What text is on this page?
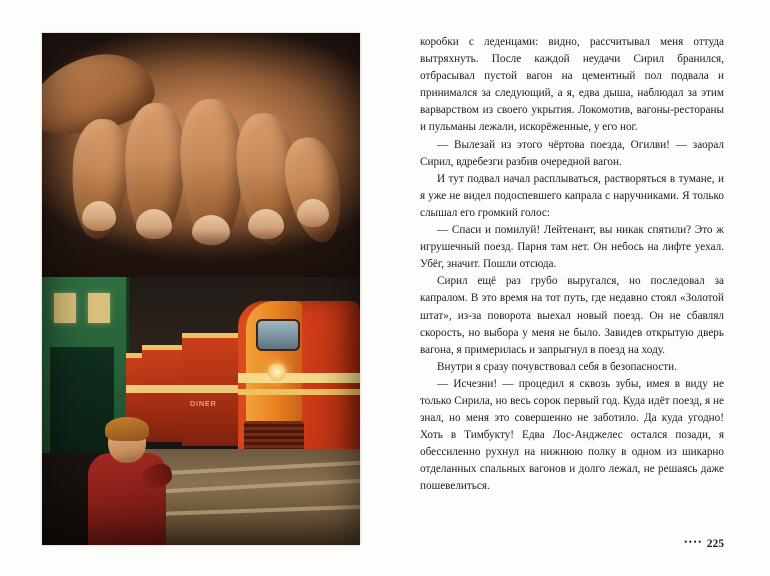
DINER

коробки с леденцами: видно, рассчитывал меня оттуда вытряхнуть. После каждой неудачи Сирил бранился, отбрасывал пустой вагон на цементный пол подвала и принимался за следующий, а я, едва дыша, наблюдал за этим варварством из своего укрытия. Локомотив, вагоны-рестораны и пульманы лежали, искорёженные, у его ног.

— Вылезай из этого чёртова поезда, Огилви! — заорал Сирил, вдребезги разбив очередной вагон.

И тут подвал начал расплываться, растворяться в тумане, и я уже не видел подоспевшего капрала с наручниками. Я только слышал его громкий голос:

— Спаси и помилуй! Лейтенант, вы никак спятили? Это ж игрушечный поезд. Парня там нет. Он небось на лифте уехал. Убёг, значит. Пошли отсюда.

Сирил ещё раз грубо выругался, но последовал за капралом. В это время на тот путь, где недавно стоял «Золотой штат», из-за поворота выехал новый поезд. Он не сбавлял скорость, но выбора у меня не было. Завидев открытую дверь вагона, я примерилась и запрыгнул в поезд на ходу.

Внутри я сразу почувствовал себя в безопасности.

— Исчезни! — процедил я сквозь зубы, имея в виду не только Сирила, но весь сорок первый год. Куда идёт поезд, я не знал, но меня это совершенно не заботило. Да куда угодно! Хоть в Тимбукту! Едва Лос-Анджелес остался позади, я обессиленно рухнул на нижнюю полку в одном из шикарно отделанных спальных вагонов и долго лежал, не решаясь даже пошевелиться.

•••• 225
